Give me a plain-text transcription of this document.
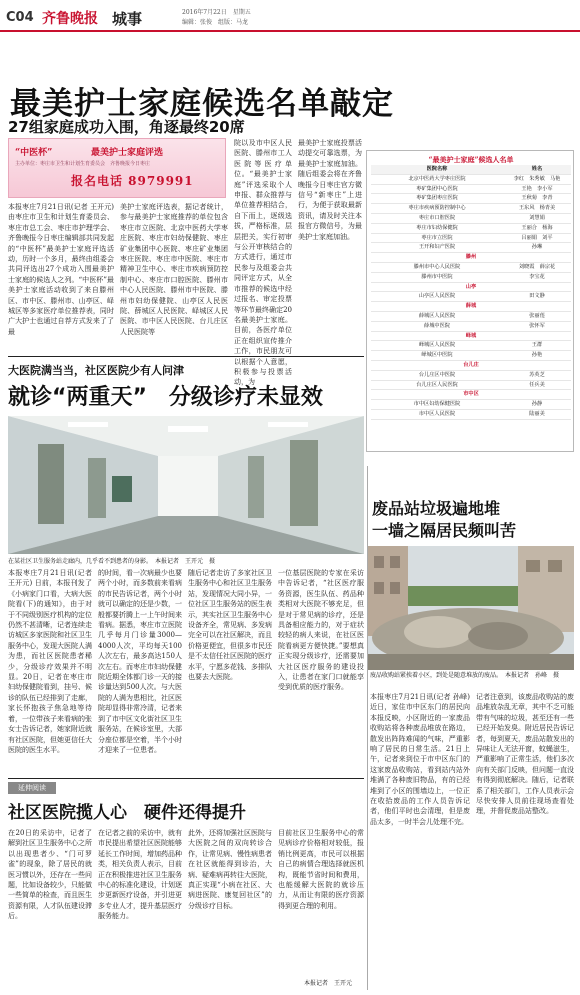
C04 齐鲁晚报 城事	2016年7月22日　星期五
编辑：张俊　组版：马龙
最美护士家庭候选名单敲定
27组家庭成功入围，角逐最终20席
“中医杯”	最美护士家庭评选
主办单位：枣庄市卫生和计划生育委员会　齐鲁晚报今日枣庄
报名电话 8979991
本报枣庄7月21日讯(记者 王开元) 由枣庄市卫生和计划生育委员会、枣庄市总工会、枣庄市护理学会、齐鲁晚报今日枣庄编辑部共同发起的“中医杯”最美护士家庭评选活动，历时一个多月，最终由组委会共同评选出27个成功入围最美护士家庭的候选人之列。“中医杯”最美护士家庭活动收到了来自滕州区、市中区、滕州市、山亭区、峄城区等多家医疗单位推荐表，同时广大护士也通过自荐方式发来了了最
美护士家庭评选表，据记者统计，参与最美护士家庭推荐的单位包含枣庄市立医院、北京中医药大学枣庄医院、枣庄市妇幼保健院、枣庄矿业集团中心医院、枣庄矿业集团枣庄医院、枣庄市中医院、枣庄市精神卫生中心、枣庄市疾病预防控制中心、枣庄市口腔医院、滕州市中心人民医院、滕州市中医院、滕州市妇幼保健院、山亭区人民医院、薛城区人民医院、峄城区人民医院、市中区人民医院、台儿庄区人民医院等
院以及市中区人民医院、滕州市工人医院等医疗单位。“最美护士家庭”评选采取个人申报、群众推荐与单位推荐相结合，自下而上，逐级选拔，严格标准，层层把关，实行初审与公开审核结合的方式进行，通过市民参与及组委会共同评定方式，从全市推荐的候选中经过报名、审定投票等环节最终确定20名最美护士家庭。目前，各医疗单位正在组织宣传推介工作，市民朋友可以根据个人意愿，积极参与投票活动，为
最美护士家庭投票活动提交可靠选票，为最美护士家庭加油。随后组委会将在齐鲁晚报今日枣庄官方微信号“新枣庄”上进行，为便于获取最新资讯，请及时关注本报官方微信号，为最美护士家庭加油。
“最美护士家庭”候选人名单
医院名称	姓名
北京中医药大学枣庄医院	李红　朱秀敏　马艳
枣矿集团中心医院	王艳　李小军
枣矿集团枣庄医院	王秋菊　李青
枣庄市疾病预防控制中心	王东风　杨青美
枣庄市口腔医院	刘慧娟
枣庄市妇幼保健院	王丽合　杨海
枣庄市立医院	吕丽娟　刘平
王开和妇产医院	孙琳
滕州
滕州市中心人民医院	刘晓霞　薛宗花
滕州市中医院	李宝花
山亭
山亭区人民医院	田文静
薛城
薛城区人民医院	张丽莲
薛城中医院	张怀军
峄城
峄城区人民医院	王群
峄城区中医院	孙艳
台儿庄
台儿庄区中医院	苏英芝
台儿庄区人民医院	任兵美
市中区
市中区妇幼保健医院	孙静
市中区人民医院	陆丽美
大医院满当当，社区医院少有人问津
就诊“两重天”　分级诊疗未显效
在某社区卫生服务站走廊内，几乎看不到患者的身影。　本报记者　王开元　摄
本报枣庄7月21日讯(记者 王开元) 日前，本报刊发了《小病家门口看，大病大医院看(下)的通知》，由于对于不同级别医疗机构的定位仍然不甚清晰，记者连续走访城区多家医院和社区卫生服务中心，发现大医院人满为患，而社区医院患者稀少，分级诊疗效果并不明显。20日，记者在枣庄市妇幼保健院看到，挂号、候诊的队伍已经排到了走廊，家长怀抱孩子焦急地等待着，一位带孩子来看病的张女士告诉记者，她家附近就有社区医院，但她更信任大医院的医生水平。
的时间，看一次病最少也要两个小时，而多数前来看病的市民告诉记者，两个小时就可以确定的还是少数，一般都要折腾上一上午时间来看病。据悉，枣庄市立医院几乎每月门诊量3000—4000人次，平均每天100人次左右，最多高达150人次左右。而枣庄市妇幼保健院近期全体都门诊一天的接诊量达到500人次。与大医院的人满为患相比，社区医院却显得非常冷清，记者来到了市中区文化街社区卫生服务站，在候诊室里，大部分座位都是空着，半个小时才迎来了一位患者。
随后记者走访了多家社区卫生服务中心和社区卫生服务站，发现情况大同小异，一位社区卫生服务站的医生表示，其实社区卫生服务中心设备齐全，常见病、多发病完全可以在社区解决，而且价格更便宜，但很多市民还是不太信任社区医院的医疗水平，宁愿多花钱、多排队也要去大医院。
一位基层医院的专家在采访中告诉记者，“社区医疗服务资源，医生队伍、药品种类相对大医院不够充足，但是对于常见病的诊疗，还是具备相应能力的，对于症状较轻的病人来说，在社区医院看病更方便快捷。”要想真正实现分级诊疗，还需要加大社区医疗服务的建设投入，让患者在家门口就能享受到优质的医疗服务。
废品站垃圾遍地堆
一墙之隔居民频叫苦
废品收购站紧挨着小区，到处是随意堆放的废品。　本报记者　孙峰　摄
本报枣庄7月21日讯(记者 孙峰) 近日，家住市中区东门的居民向本报反映，小区附近的一家废品收购站将各种废品堆放在路边，散发出阵阵难闻的气味，严重影响了居民的日常生活。21日上午，记者来到位于市中区东门的这家废品收购站，看到站内站外堆满了各种废旧物品，有的已经堆到了小区的围墙边上，一位正在收拾废品的工作人员告诉记者，他们平时也会清理，但是废品太多，一时半会儿处理不完。
记者注意到，该废品收购站的废品堆放杂乱无章，其中不乏可能带有气味的垃圾，甚至还有一些已经开始发臭。附近居民告诉记者，每到夏天，废品站散发出的异味让人无法开窗，蚊蝇滋生，严重影响了正常生活，他们多次向有关部门反映，但问题一直没有得到彻底解决。随后，记者联系了相关部门，工作人员表示会尽快安排人员前往现场查看处理，并督促废品站整改。
延伸阅读
社区医院揽人心　硬件还得提升
在20日的采访中，记者了解到社区卫生服务中心之所以出现患者少、“门可罗雀”的现象，除了居民的就医习惯以外，还存在一些问题，比如设备较少，只能做一些简单的检查，而且医生资源有限，人才队伍建设滞后。
在记者之前的采访中，就有市民提出希望社区医院能够延长工作时间，增加药品种类，相关负责人表示，目前正在积极推进社区卫生服务中心的标准化建设，计划逐步更新医疗设备，并引进更多专业人才，提升基层医疗服务能力。
此外，还将加强社区医院与大医院之间的双向转诊合作，让常见病、慢性病患者在社区就能得到诊治，大病、疑难病再转往大医院，真正实现“小病在社区、大病进医院、康复回社区”的分级诊疗目标。
目前社区卫生服务中心的常见病诊疗价格相对较低，报销比例更高，市民可以根据自己的病情合理选择就医机构，既能节省时间和费用，也能缓解大医院的就诊压力，从而让有限的医疗资源得到更合理的利用。
本报记者　王开元
